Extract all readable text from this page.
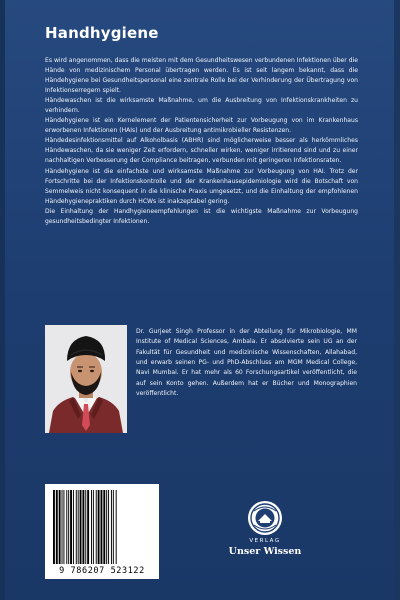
Handhygiene

Es wird angenommen, dass die meisten mit dem Gesundheitswesen verbundenen Infektionen über die Hände von medizinischem Personal übertragen werden. Es ist seit langem bekannt, dass die Händehygiene bei Gesundheitspersonal eine zentrale Rolle bei der Verhinderung der Übertragung von Infektionserregern spielt.

Händewaschen ist die wirksamste Maßnahme, um die Ausbreitung von Infektionskrankheiten zu verhindern.

Händehygiene ist ein Kernelement der Patientensicherheit zur Vorbeugung von im Krankenhaus erworbenen Infektionen (HAIs) und der Ausbreitung antimikrobieller Resistenzen.

Händedesinfektionsmittel auf Alkoholbasis (ABHR) sind möglicherweise besser als herkömmliches Händewaschen, da sie weniger Zeit erfordern, schneller wirken, weniger irritierend sind und zu einer nachhaltigen Verbesserung der Compliance beitragen, verbunden mit geringeren Infektionsraten.

Händehygiene ist die einfachste und wirksamste Maßnahme zur Vorbeugung von HAI. Trotz der Fortschritte bei der Infektionskontrolle und der Krankenhausepidemiologie wird die Botschaft von Semmelweis nicht konsequent in die klinische Praxis umgesetzt, und die Einhaltung der empfohlenen Händehygienepraktiken durch HCWs ist inakzeptabel gering.

Die Einhaltung der Handhygieneempfehlungen ist die wichtigste Maßnahme zur Vorbeugung gesundheitsbedingter Infektionen.

Dr. Gurjeet Singh Professor in der Abteilung für Mikrobiologie, MM Institute of Medical Sciences, Ambala. Er absolvierte sein UG an der Fakultät für Gesundheit und medizinische Wissenschaften, Allahabad, und erwarb seinen PG- und PhD-Abschluss am MGM Medical College, Navi Mumbai. Er hat mehr als 60 Forschungsartikel veröffentlicht, die auf sein Konto gehen. Außerdem hat er Bücher und Monographien veröffentlicht.
9 786207 523122
VERLAG
Unser Wissen
